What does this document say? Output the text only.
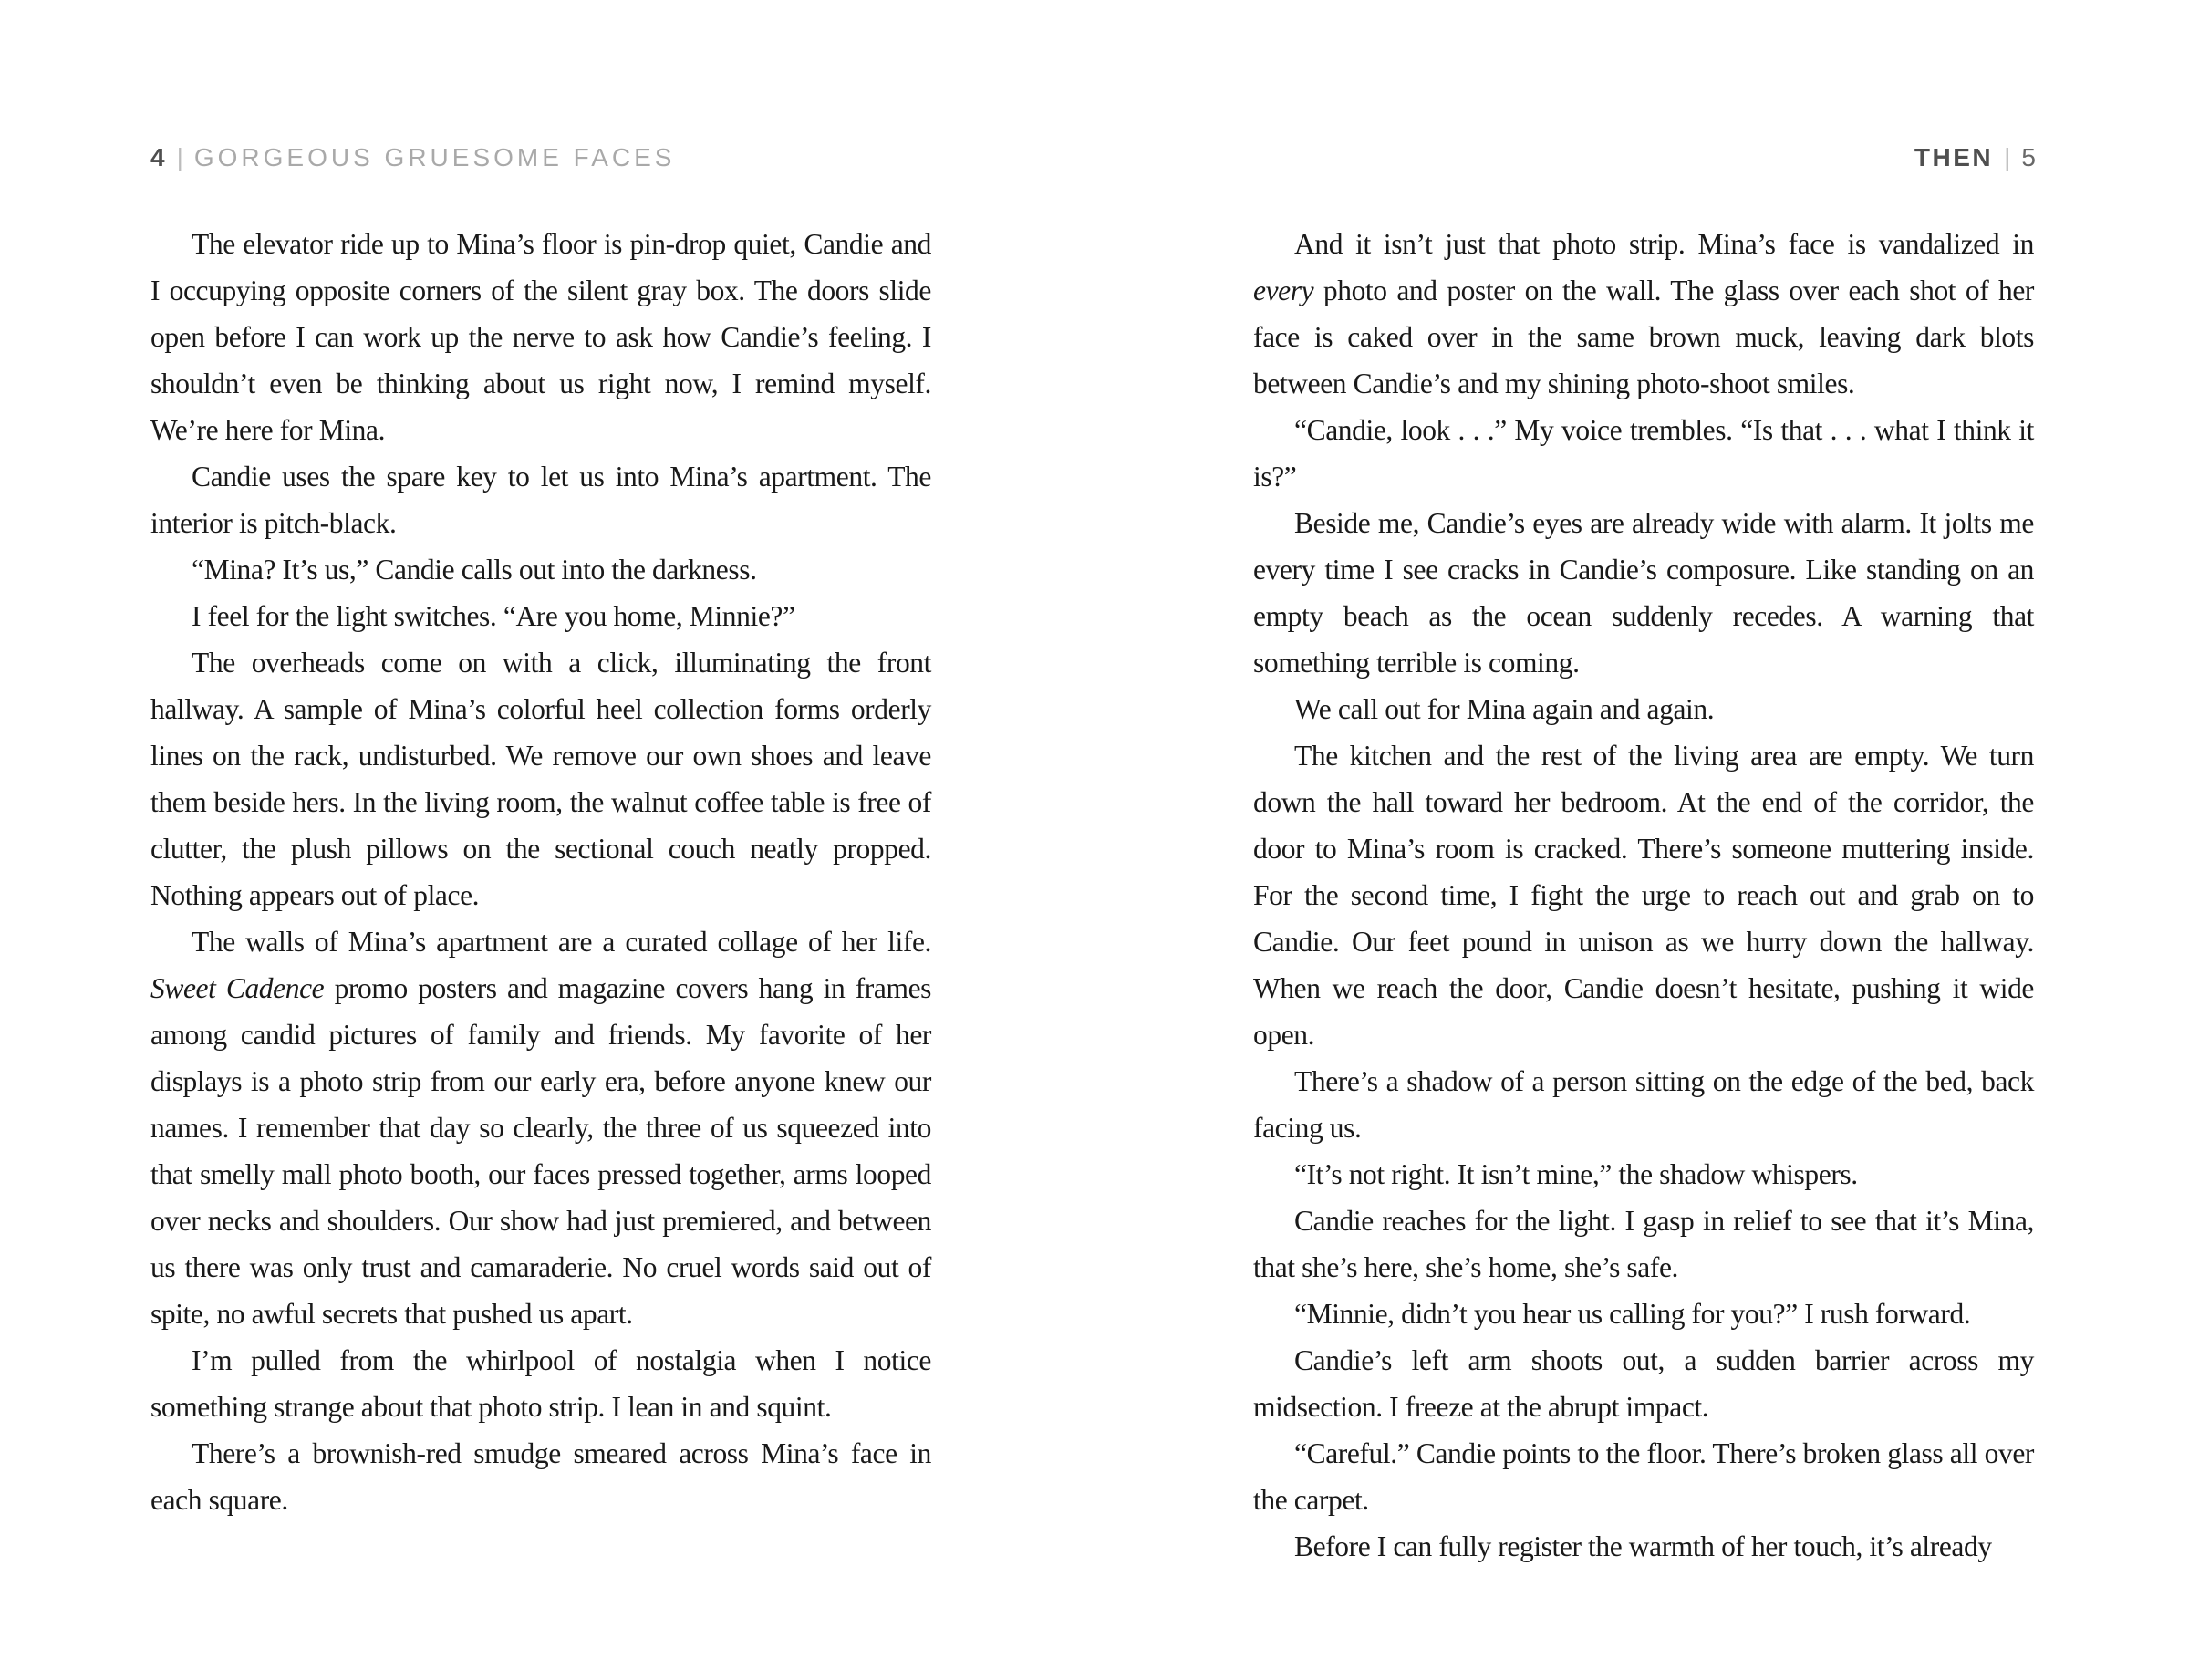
4 | GORGEOUS GRUESOME FACES

The elevator ride up to Mina’s floor is pin-drop quiet, Candie and I occupying opposite corners of the silent gray box. The doors slide open before I can work up the nerve to ask how Candie’s feeling. I shouldn’t even be thinking about us right now, I remind myself. We’re here for Mina.

Candie uses the spare key to let us into Mina’s apartment. The interior is pitch-black.

“Mina? It’s us,” Candie calls out into the darkness.

I feel for the light switches. “Are you home, Minnie?”

The overheads come on with a click, illuminating the front hallway. A sample of Mina’s colorful heel collection forms orderly lines on the rack, undisturbed. We remove our own shoes and leave them beside hers. In the living room, the walnut coffee table is free of clutter, the plush pillows on the sectional couch neatly propped. Nothing appears out of place.

The walls of Mina’s apartment are a curated collage of her life. Sweet Cadence promo posters and magazine covers hang in frames among candid pictures of family and friends. My favorite of her displays is a photo strip from our early era, before anyone knew our names. I remember that day so clearly, the three of us squeezed into that smelly mall photo booth, our faces pressed together, arms looped over necks and shoulders. Our show had just premiered, and between us there was only trust and camaraderie. No cruel words said out of spite, no awful secrets that pushed us apart.

I’m pulled from the whirlpool of nostalgia when I notice something strange about that photo strip. I lean in and squint.

There’s a brownish-red smudge smeared across Mina’s face in each square.

THEN | 5

And it isn’t just that photo strip. Mina’s face is vandalized in every photo and poster on the wall. The glass over each shot of her face is caked over in the same brown muck, leaving dark blots between Candie’s and my shining photo-shoot smiles.

“Candie, look . . .” My voice trembles. “Is that . . . what I think it is?”

Beside me, Candie’s eyes are already wide with alarm. It jolts me every time I see cracks in Candie’s composure. Like standing on an empty beach as the ocean suddenly recedes. A warning that something terrible is coming.

We call out for Mina again and again.

The kitchen and the rest of the living area are empty. We turn down the hall toward her bedroom. At the end of the corridor, the door to Mina’s room is cracked. There’s someone muttering inside. For the second time, I fight the urge to reach out and grab on to Candie. Our feet pound in unison as we hurry down the hallway. When we reach the door, Candie doesn’t hesitate, pushing it wide open.

There’s a shadow of a person sitting on the edge of the bed, back facing us.

“It’s not right. It isn’t mine,” the shadow whispers.

Candie reaches for the light. I gasp in relief to see that it’s Mina, that she’s here, she’s home, she’s safe.

“Minnie, didn’t you hear us calling for you?” I rush forward.

Candie’s left arm shoots out, a sudden barrier across my midsection. I freeze at the abrupt impact.

“Careful.” Candie points to the floor. There’s broken glass all over the carpet.

Before I can fully register the warmth of her touch, it’s already
